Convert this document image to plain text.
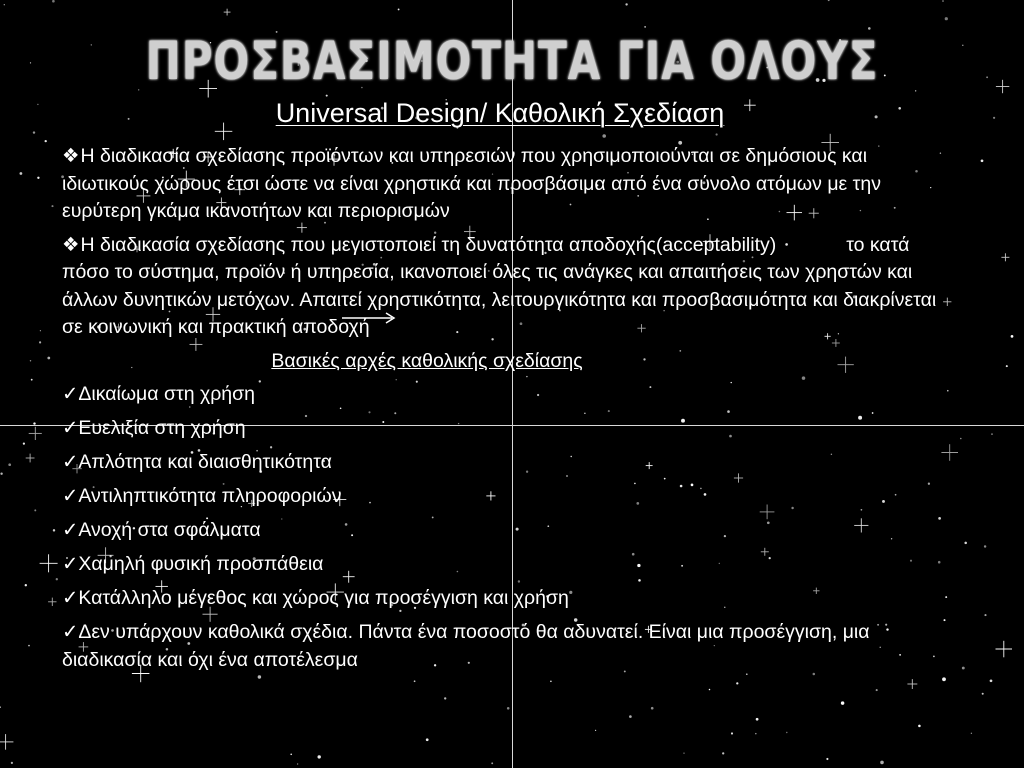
ΠΡΟΣΒΑΣΙΜΟΤΗΤΑ ΓΙΑ ΟΛΟΥΣ
Universal Design/ Καθολική Σχεδίαση
❖Η διαδικασία σχεδίασης προϊόντων και υπηρεσιών που χρησιμοποιούνται σε δημόσιους και ιδιωτικούς χώρους έτσι ώστε να είναι χρηστικά και προσβάσιμα από ένα σύνολο ατόμων με την ευρύτερη γκάμα ικανοτήτων και περιορισμών
❖Η διαδικασία σχεδίασης που μεγιστοποιεί τη δυνατότητα αποδοχής(acceptability)	το κατά πόσο το σύστημα, προϊόν ή υπηρεσία, ικανοποιεί όλες τις ανάγκες και απαιτήσεις των χρηστών και άλλων δυνητικών μετόχων. Απαιτεί χρηστικότητα, λειτουργικότητα και προσβασιμότητα και διακρίνεται σε κοινωνική και πρακτική αποδοχή
Βασικές αρχές καθολικής σχεδίασης
✓Δικαίωμα στη χρήση
✓Ευελιξία στη χρήση
✓Απλότητα και διαισθητικότητα
✓Αντιληπτικότητα πληροφοριών
✓Ανοχή στα σφάλματα
✓Χαμηλή φυσική προσπάθεια
✓Κατάλληλο μέγεθος και χώρος για προσέγγιση και χρήση
✓Δεν υπάρχουν καθολικά σχέδια. Πάντα ένα ποσοστό θα αδυνατεί. Είναι μια προσέγγιση, μια διαδικασία και όχι ένα αποτέλεσμα
